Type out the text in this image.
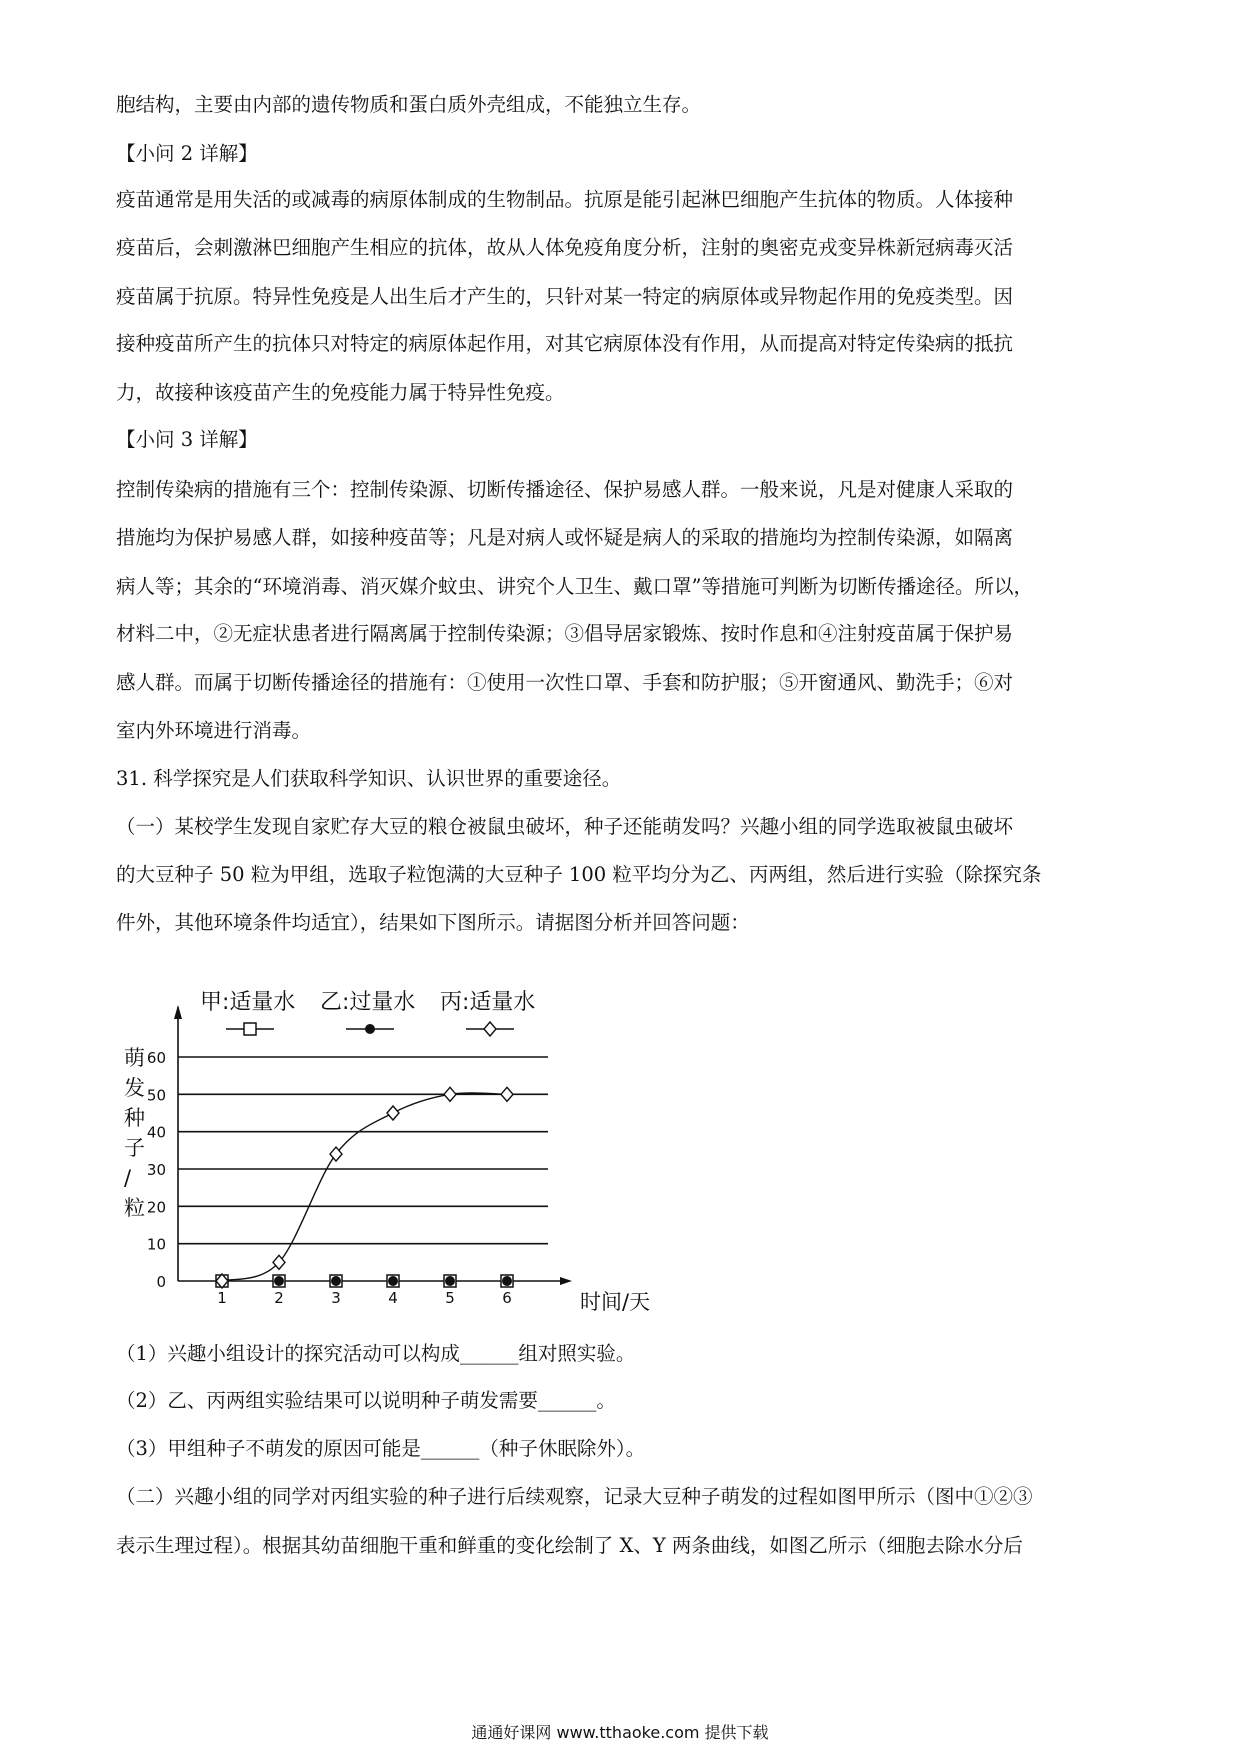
胞结构，主要由内部的遗传物质和蛋白质外壳组成，不能独立生存。
【小问 2 详解】
疫苗通常是用失活的或减毒的病原体制成的生物制品。抗原是能引起淋巴细胞产生抗体的物质。人体接种
疫苗后，会刺激淋巴细胞产生相应的抗体，故从人体免疫角度分析，注射的奥密克戎变异株新冠病毒灭活
疫苗属于抗原。特异性免疫是人出生后才产生的，只针对某一特定的病原体或异物起作用的免疫类型。因
接种疫苗所产生的抗体只对特定的病原体起作用，对其它病原体没有作用，从而提高对特定传染病的抵抗
力，故接种该疫苗产生的免疫能力属于特异性免疫。
【小问 3 详解】
控制传染病的措施有三个：控制传染源、切断传播途径、保护易感人群。一般来说，凡是对健康人采取的
措施均为保护易感人群，如接种疫苗等；凡是对病人或怀疑是病人的采取的措施均为控制传染源，如隔离
病人等；其余的“环境消毒、消灭媒介蚊虫、讲究个人卫生、戴口罩”等措施可判断为切断传播途径。所以，
材料二中，②无症状患者进行隔离属于控制传染源；③倡导居家锻炼、按时作息和④注射疫苗属于保护易
感人群。而属于切断传播途径的措施有：①使用一次性口罩、手套和防护服；⑤开窗通风、勤洗手；⑥对
室内外环境进行消毒。
31. 科学探究是人们获取科学知识、认识世界的重要途径。
（一）某校学生发现自家贮存大豆的粮仓被鼠虫破坏，种子还能萌发吗？兴趣小组的同学选取被鼠虫破坏
的大豆种子 50 粒为甲组，选取子粒饱满的大豆种子 100 粒平均分为乙、丙两组，然后进行实验（除探究条
件外，其他环境条件均适宜），结果如下图所示。请据图分析并回答问题：
0
10
20
30
40
50
60
1	2	3	4	5	6	时间/天
萌发种子/粒
甲:适量水 乙:过量水 丙:适量水
（1）兴趣小组设计的探究活动可以构成______组对照实验。
（2）乙、丙两组实验结果可以说明种子萌发需要______。
（3）甲组种子不萌发的原因可能是______（种子休眠除外）。
（二）兴趣小组的同学对丙组实验的种子进行后续观察，记录大豆种子萌发的过程如图甲所示（图中①②③
表示生理过程）。根据其幼苗细胞干重和鲜重的变化绘制了 X、Y 两条曲线，如图乙所示（细胞去除水分后
通通好课网 www.tthaoke.com 提供下载
